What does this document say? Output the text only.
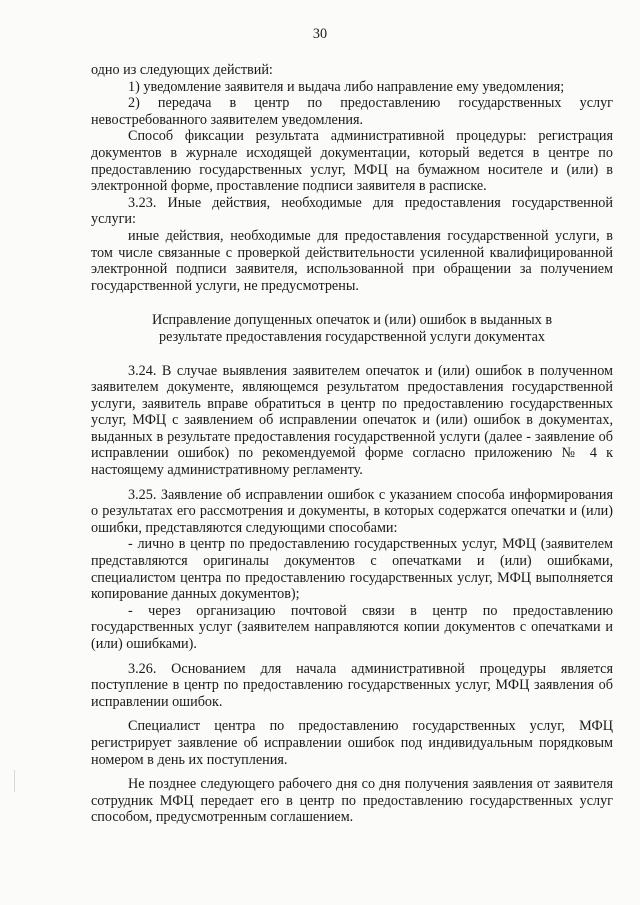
30

одно из следующих действий:

1) уведомление заявителя и выдача либо направление ему уведомления;

2) передача в центр по предоставлению государственных услуг невостребованного заявителем уведомления.

Способ фиксации результата административной процедуры: регистрация документов в журнале исходящей документации, который ведется в центре по предоставлению государственных услуг, МФЦ на бумажном носителе и (или) в электронной форме, проставление подписи заявителя в расписке.

3.23. Иные действия, необходимые для предоставления государственной услуги:

иные действия, необходимые для предоставления государственной услуги, в том числе связанные с проверкой действительности усиленной квалифицированной электронной подписи заявителя, использованной при обращении за получением государственной услуги, не предусмотрены.

Исправление допущенных опечаток и (или) ошибок в выданных в результате предоставления государственной услуги документах

3.24. В случае выявления заявителем опечаток и (или) ошибок в полученном заявителем документе, являющемся результатом предоставления государственной услуги, заявитель вправе обратиться в центр по предоставлению государственных услуг, МФЦ с заявлением об исправлении опечаток и (или) ошибок в документах, выданных в результате предоставления государственной услуги (далее - заявление об исправлении ошибок) по рекомендуемой форме согласно приложению № 4 к настоящему административному регламенту.

3.25. Заявление об исправлении ошибок с указанием способа информирования о результатах его рассмотрения и документы, в которых содержатся опечатки и (или) ошибки, представляются следующими способами:

- лично в центр по предоставлению государственных услуг, МФЦ (заявителем представляются оригиналы документов с опечатками и (или) ошибками, специалистом центра по предоставлению государственных услуг, МФЦ выполняется копирование данных документов);

- через организацию почтовой связи в центр по предоставлению государственных услуг (заявителем направляются копии документов с опечатками и (или) ошибками).

3.26. Основанием для начала административной процедуры является поступление в центр по предоставлению государственных услуг, МФЦ заявления об исправлении ошибок.

Специалист центра по предоставлению государственных услуг, МФЦ регистрирует заявление об исправлении ошибок под индивидуальным порядковым номером в день их поступления.

Не позднее следующего рабочего дня со дня получения заявления от заявителя сотрудник МФЦ передает его в центр по предоставлению государственных услуг способом, предусмотренным соглашением.
